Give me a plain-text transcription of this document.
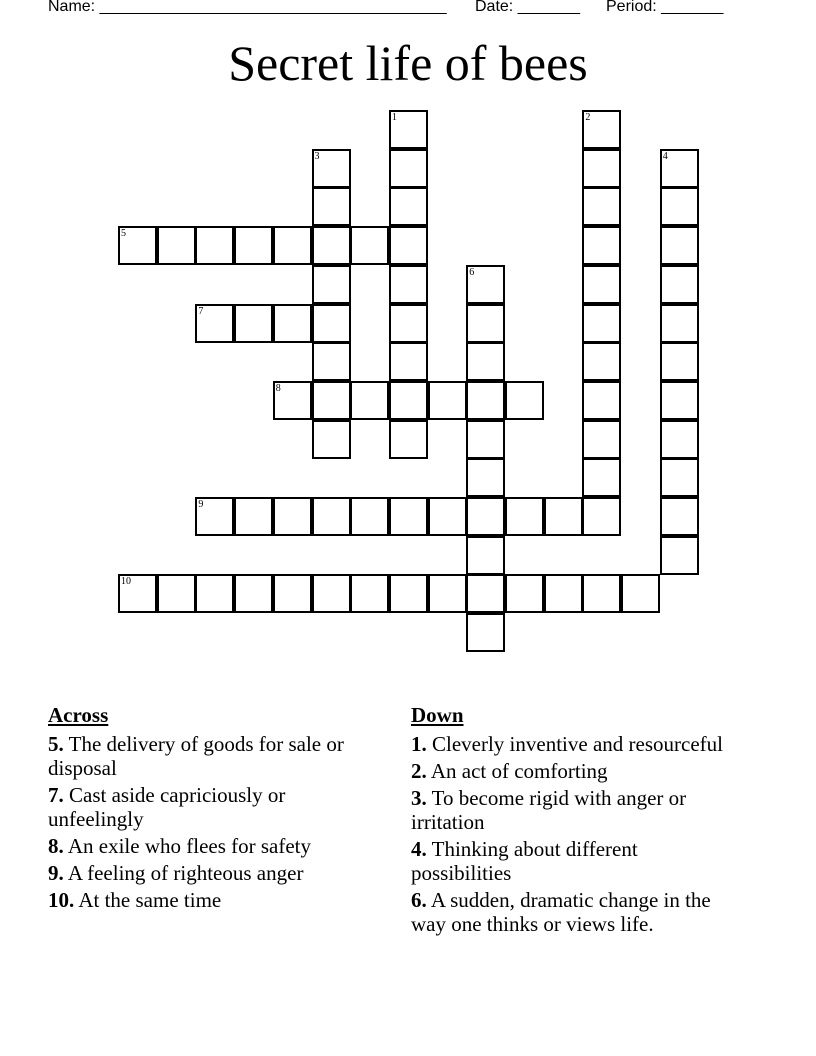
Name: _______________________________________

Date: _______

Period: _______

Secret life of bees
1	2
3	4
5
6
7
8
9
10
Across
5. The delivery of goods for sale or disposal
7. Cast aside capriciously or unfeelingly
8. An exile who flees for safety
9. A feeling of righteous anger
10. At the same time
Down
1. Cleverly inventive and resourceful
2. An act of comforting
3. To become rigid with anger or irritation
4. Thinking about different possibilities
6. A sudden, dramatic change in the way one thinks or views life.
